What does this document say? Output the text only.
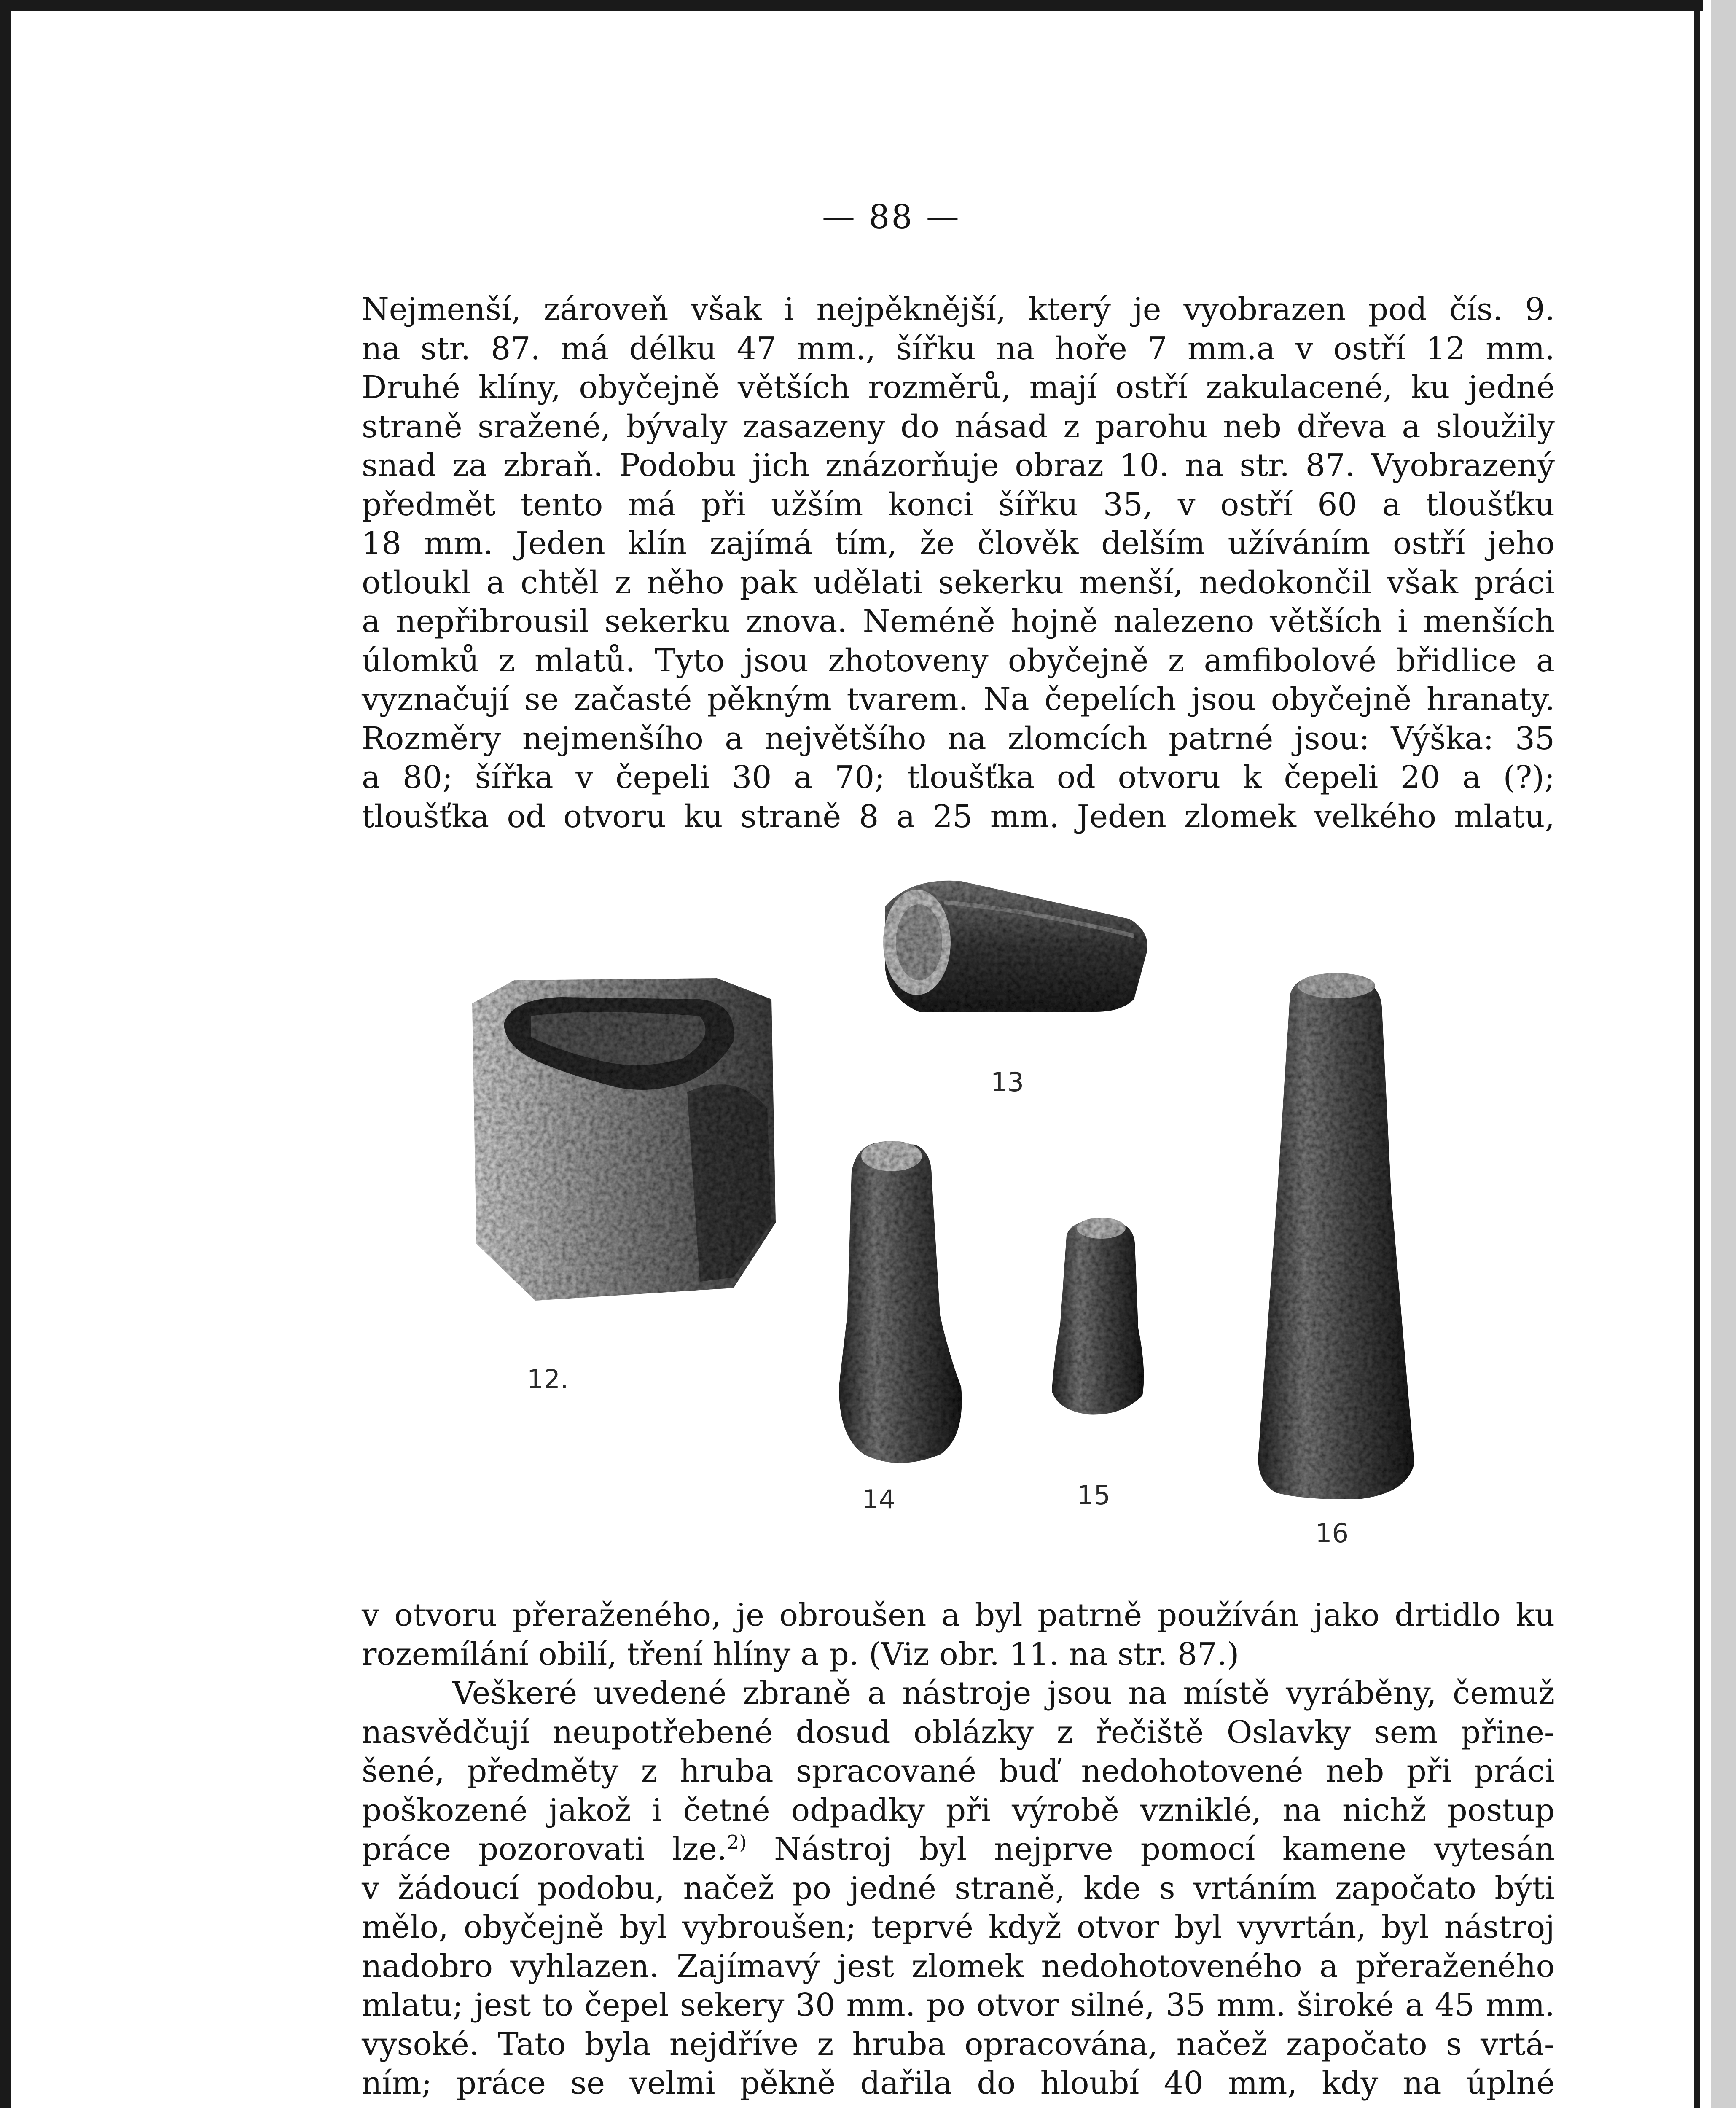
— 88 —
Nejmenší, zároveň však i nejpěknější, který je vyobrazen pod čís. 9.
na str. 87. má délku 47 mm., šířku na hoře 7 mm.a v ostří 12 mm.
Druhé klíny, obyčejně větších rozměrů, mají ostří zakulacené, ku jedné
straně sražené, bývaly zasazeny do násad z parohu neb dřeva a sloužily
snad za zbraň. Podobu jich znázorňuje obraz 10. na str. 87. Vyobrazený
předmět tento má při užším konci šířku 35, v ostří 60 a tloušťku
18 mm. Jeden klín zajímá tím, že člověk delším užíváním ostří jeho
otloukl a chtěl z něho pak udělati sekerku menší, nedokončil však práci
a nepřibrousil sekerku znova. Neméně hojně nalezeno větších i menších
úlomků z mlatů. Tyto jsou zhotoveny obyčejně z amfibolové břidlice a
vyznačují se začasté pěkným tvarem. Na čepelích jsou obyčejně hranaty.
Rozměry nejmenšího a největšího na zlomcích patrné jsou: Výška: 35
a 80; šířka v čepeli 30 a 70; tloušťka od otvoru k čepeli 20 a (?);
tloušťka od otvoru ku straně 8 a 25 mm. Jeden zlomek velkého mlatu,
12.
13
14	15
16
v otvoru přeraženého, je obroušen a byl patrně používán jako drtidlo ku
rozemílání obilí, tření hlíny a p. (Viz obr. 11. na str. 87.)
Veškeré uvedené zbraně a nástroje jsou na místě vyráběny, čemuž
nasvědčují neupotřebené dosud oblázky z řečiště Oslavky sem přine-
šené, předměty z hruba spracované buď nedohotovené neb při práci
poškozené jakož i četné odpadky při výrobě vzniklé, na nichž postup
práce pozorovati lze.$^{2)}$ Nástroj byl nejprve pomocí kamene vytesán
v žádoucí podobu, načež po jedné straně, kde s vrtáním započato býti
mělo, obyčejně byl vybroušen; teprvé když otvor byl vyvrtán, byl nástroj
nadobro vyhlazen. Zajímavý jest zlomek nedohotoveného a přeraženého
mlatu; jest to čepel sekery 30 mm. po otvor silné, 35 mm. široké a 45 mm.
vysoké. Tato byla nejdříve z hruba opracována, načež započato s vrtá-
ním; práce se velmi pěkně dařila do hloubí 40 mm, kdy na úplné
